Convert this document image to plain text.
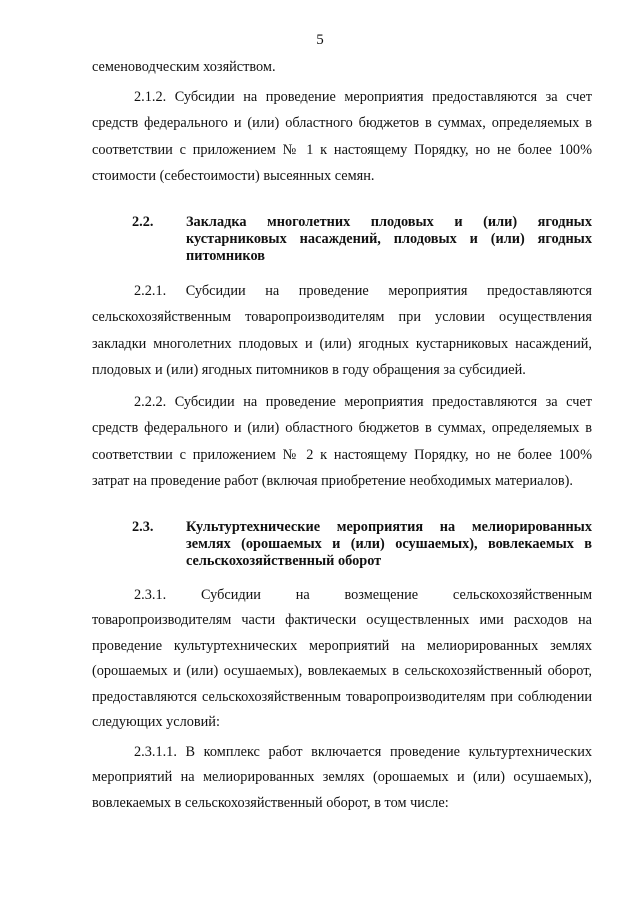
5

семеноводческим хозяйством.

2.1.2. Субсидии на проведение мероприятия предоставляются за счет средств федерального и (или) областного бюджетов в суммах, определяемых в соответствии с приложением № 1 к настоящему Порядку, но не более 100% стоимости (себестоимости) высеянных семян.

2.2.	Закладка многолетних плодовых и (или) ягодных кустарниковых насаждений, плодовых и (или) ягодных питомников

2.2.1. Субсидии на проведение мероприятия предоставляются сельскохозяйственным товаропроизводителям при условии осуществления закладки многолетних плодовых и (или) ягодных кустарниковых насаждений, плодовых и (или) ягодных питомников в году обращения за субсидией.

2.2.2. Субсидии на проведение мероприятия предоставляются за счет средств федерального и (или) областного бюджетов в суммах, определяемых в соответствии с приложением № 2 к настоящему Порядку, но не более 100% затрат на проведение работ (включая приобретение необходимых материалов).

2.3.	Культуртехнические мероприятия на мелиорированных землях (орошаемых и (или) осушаемых), вовлекаемых в сельскохозяйственный оборот

2.3.1. Субсидии на возмещение сельскохозяйственным товаропроизводителям части фактически осуществленных ими расходов на проведение культуртехнических мероприятий на мелиорированных землях (орошаемых и (или) осушаемых), вовлекаемых в сельскохозяйственный оборот, предоставляются сельскохозяйственным товаропроизводителям при соблюдении следующих условий:

2.3.1.1. В комплекс работ включается проведение культуртехнических мероприятий на мелиорированных землях (орошаемых и (или) осушаемых), вовлекаемых в сельскохозяйственный оборот, в том числе:
